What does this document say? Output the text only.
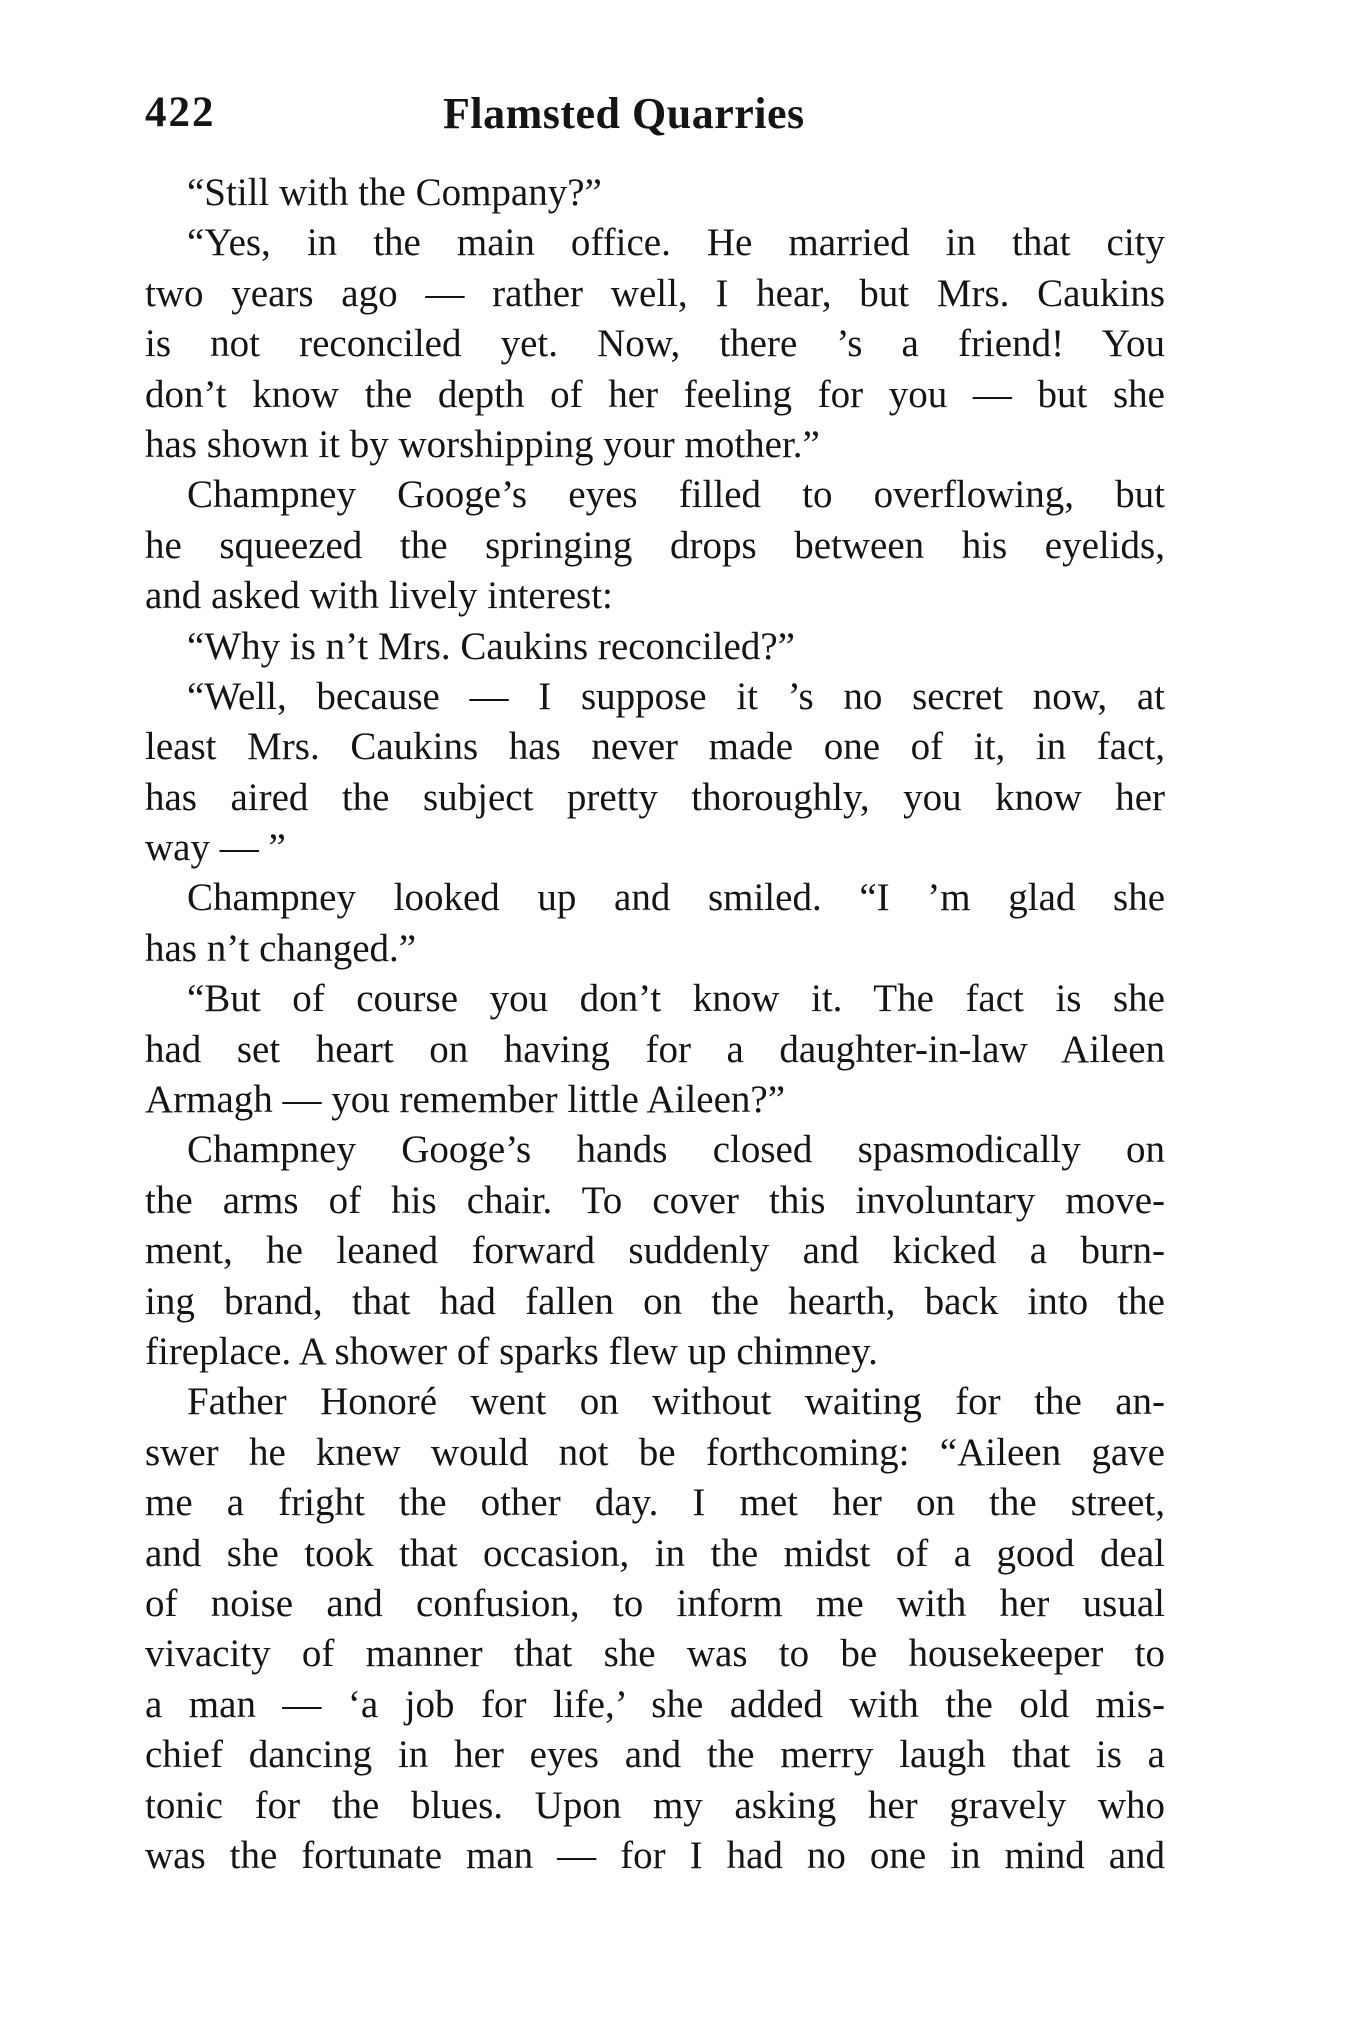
422	Flamsted Quarries
“Still with the Company?”
“Yes, in the main office. He married in that city
two years ago — rather well, I hear, but Mrs. Caukins
is not reconciled yet. Now, there ’s a friend! You
don’t know the depth of her feeling for you — but she
has shown it by worshipping your mother.”
Champney Googe’s eyes filled to overflowing, but
he squeezed the springing drops between his eyelids,
and asked with lively interest:
“Why is n’t Mrs. Caukins reconciled?”
“Well, because — I suppose it ’s no secret now, at
least Mrs. Caukins has never made one of it, in fact,
has aired the subject pretty thoroughly, you know her
way — ”
Champney looked up and smiled. “I ’m glad she
has n’t changed.”
“But of course you don’t know it. The fact is she
had set heart on having for a daughter-in-law Aileen
Armagh — you remember little Aileen?”
Champney Googe’s hands closed spasmodically on
the arms of his chair. To cover this involuntary move-
ment, he leaned forward suddenly and kicked a burn-
ing brand, that had fallen on the hearth, back into the
fireplace. A shower of sparks flew up chimney.
Father Honoré went on without waiting for the an-
swer he knew would not be forthcoming: “Aileen gave
me a fright the other day. I met her on the street,
and she took that occasion, in the midst of a good deal
of noise and confusion, to inform me with her usual
vivacity of manner that she was to be housekeeper to
a man — ‘a job for life,’ she added with the old mis-
chief dancing in her eyes and the merry laugh that is a
tonic for the blues. Upon my asking her gravely who
was the fortunate man — for I had no one in mind and
